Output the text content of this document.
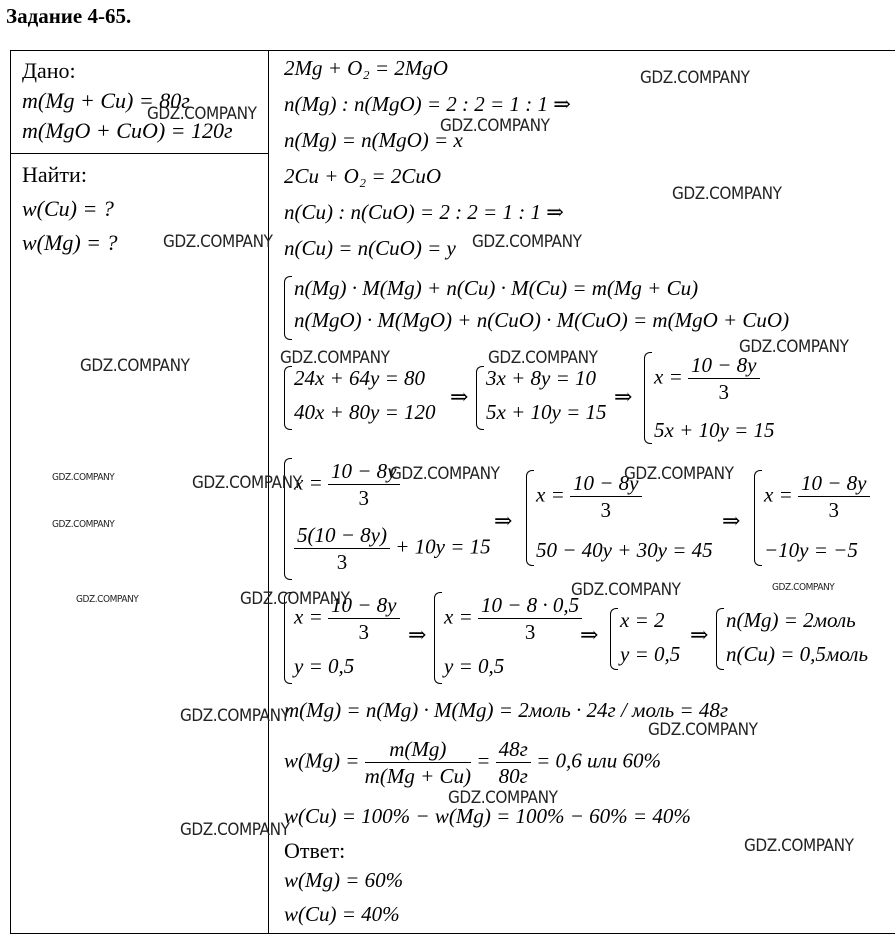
Задание 4-65.
Дано:
m(Mg + Cu) = 80г
m(MgO + CuO) = 120г
Найти:
w(Cu) = ?
w(Mg) = ?
2Mg + O₂ = 2MgO
n(Mg) : n(MgO) = 2 : 2 = 1 : 1 ⇒
n(Mg) = n(MgO) = x
2Cu + O₂ = 2CuO
n(Cu) : n(CuO) = 2 : 2 = 1 : 1 ⇒
n(Cu) = n(CuO) = y
n(Mg) · M(Mg) + n(Cu) · M(Cu) = m(Mg + Cu)
n(MgO) · M(MgO) + n(CuO) · M(CuO) = m(MgO + CuO)
24x + 64y = 80
40x + 80y = 120
⇒
3x + 8y = 10
5x + 10y = 15
⇒
$x = \frac{10 - 8y}{3}$
5x + 10y = 15
$x = \frac{10 - 8y}{3}$
$\frac{5(10 - 8y)}{3} + 10y = 15$
⇒
$x = \frac{10 - 8y}{3}$
50 − 40y + 30y = 45
⇒
$x = \frac{10 - 8y}{3}$
−10y = −5
$x = \frac{10 - 8y}{3}$
y = 0,5
⇒
$x = \frac{10 - 8 \cdot 0,5}{3}$
y = 0,5
⇒
x = 2
y = 0,5
⇒
n(Mg) = 2моль
n(Cu) = 0,5моль
m(Mg) = n(Mg) · M(Mg) = 2моль · 24г / моль = 48г
$w(Mg) = \frac{m(Mg)}{m(Mg + Cu)} = \frac{48г}{80г} = 0,6$ или 60%
w(Cu) = 100% − w(Mg) = 100% − 60% = 40%
Ответ:
w(Mg) = 60%
w(Cu) = 40%
GDZ.COMPANY
GDZ.COMPANY
GDZ.COMPANY
GDZ.COMPANY
GDZ.COMPANY	GDZ.COMPANY
GDZ.COMPANY
GDZ.COMPANY	GDZ.COMPANY
GDZ.COMPANY
GDZ.COMPANY	GDZ.COMPANY
GDZ.COMPANY	GDZ.COMPANY
GDZ.COMPANY
GDZ.COMPANY	GDZ.COMPANY
GDZ.COMPANY
GDZ.COMPANY
GDZ.COMPANY
GDZ.COMPANY
GDZ.COMPANY
GDZ.COMPANY
GDZ.COMPANY
